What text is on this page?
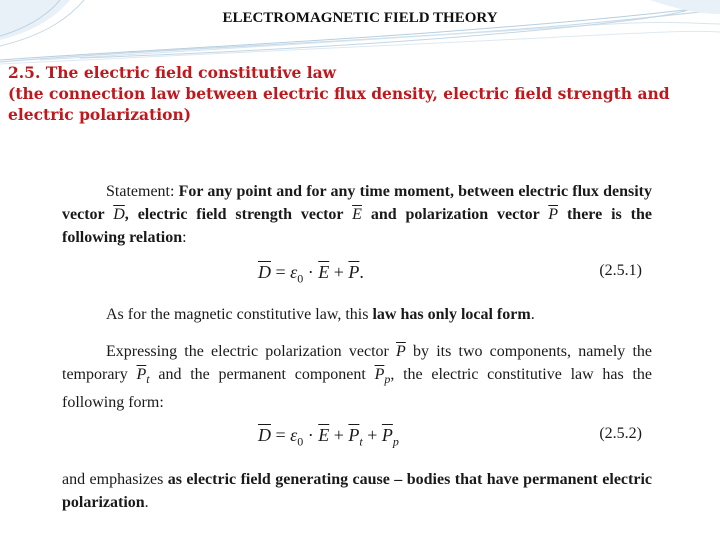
ELECTROMAGNETIC FIELD THEORY
2.5. The electric field constitutive law
(the connection law between electric flux density, electric field strength and
electric polarization)
Statement: For any point and for any time moment, between electric flux density vector $\overline{D}$, electric field strength vector $\overline{E}$ and polarization vector $\overline{P}$ there is the following relation:
$\overline{D} = \varepsilon_0 \cdot \overline{E} + \overline{P}$.	(2.5.1)
As for the magnetic constitutive law, this law has only local form.
Expressing the electric polarization vector $\overline{P}$ by its two components, namely the temporary $\overline{P}_t$ and the permanent component $\overline{P}_p$, the electric constitutive law has the following form:
$\overline{D} = \varepsilon_0 \cdot \overline{E} + \overline{P}_t + \overline{P}_p$	(2.5.2)
and emphasizes as electric field generating cause – bodies that have permanent electric polarization.
